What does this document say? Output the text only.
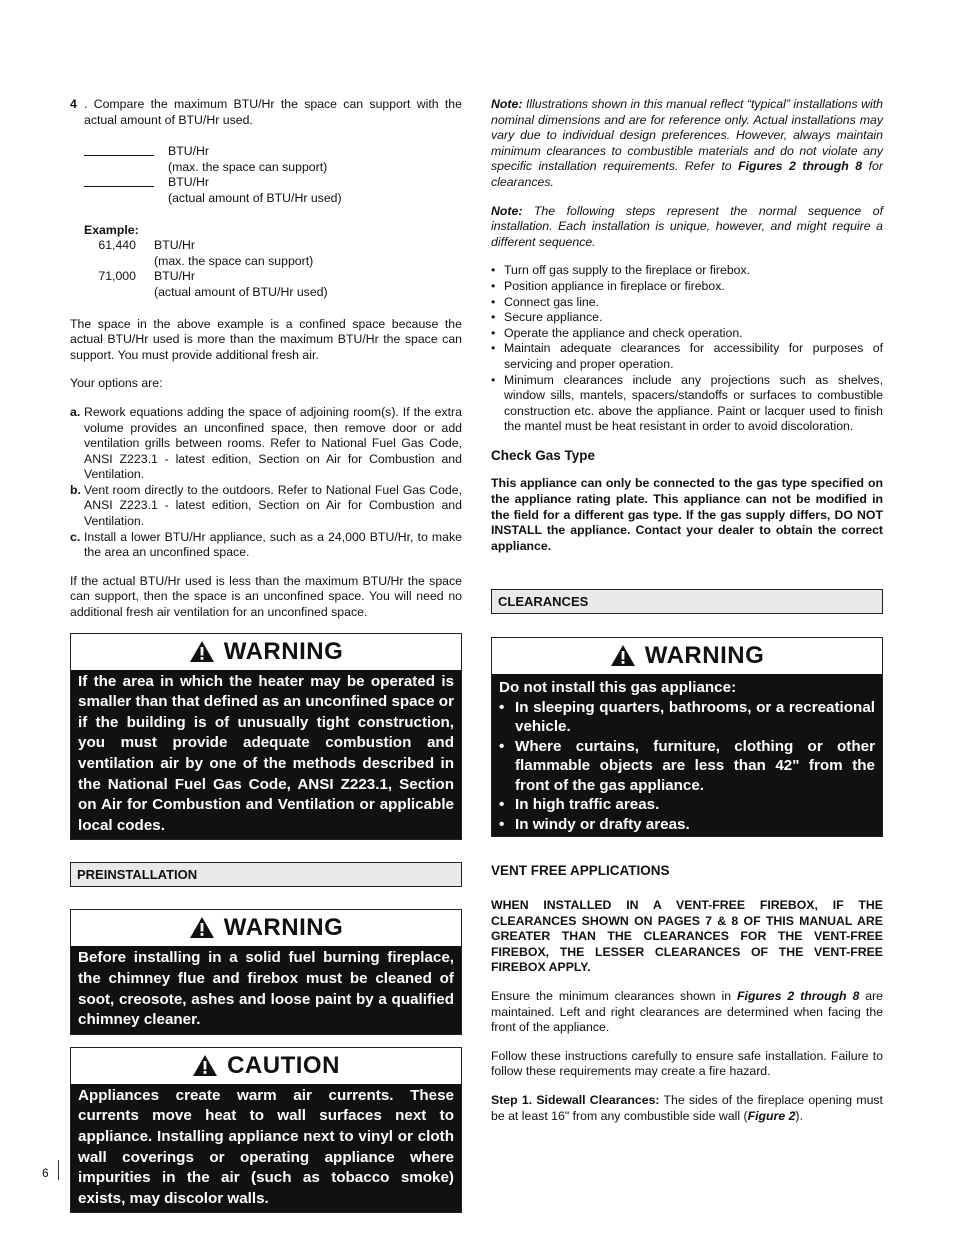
4 . Compare the maximum BTU/Hr the space can support with the actual amount of BTU/Hr used.
BTU/Hr
(max. the space can support)
BTU/Hr
(actual amount of BTU/Hr used)
Example:
61,440 BTU/Hr
(max. the space can support)
71,000 BTU/Hr
(actual amount of BTU/Hr used)

The space in the above example is a confined space because the actual BTU/Hr used is more than the maximum BTU/Hr the space can support. You must provide additional fresh air.

Your options are:

a. Rework equations adding the space of adjoining room(s). If the extra volume provides an unconfined space, then remove door or add ventilation grills between rooms. Refer to National Fuel Gas Code, ANSI Z223.1 - latest edition, Section on Air for Combustion and Ventilation.
b. Vent room directly to the outdoors. Refer to National Fuel Gas Code, ANSI Z223.1 - latest edition, Section on Air for Combustion and Ventilation.
c. Install a lower BTU/Hr appliance, such as a 24,000 BTU/Hr, to make the area an unconfined space.

If the actual BTU/Hr used is less than the maximum BTU/Hr the space can support, then the space is an unconfined space. You will need no additional fresh air ventilation for an unconfined space.

WARNING
If the area in which the heater may be operated is smaller than that defined as an unconfined space or if the building is of unusually tight construction, you must provide adequate combustion and ventilation air by one of the methods described in the National Fuel Gas Code, ANSI Z223.1, Section on Air for Combustion and Ventilation or applicable local codes.
PREINSTALLATION
WARNING
Before installing in a solid fuel burning fireplace, the chimney flue and firebox must be cleaned of soot, creosote, ashes and loose paint by a qualified chimney cleaner.
CAUTION
Appliances create warm air currents. These currents move heat to wall surfaces next to appliance. Installing appliance next to vinyl or cloth wall coverings or operating appliance where impurities in the air (such as tobacco smoke) exists, may discolor walls.

Note: Illustrations shown in this manual reflect “typical” installations with nominal dimensions and are for reference only. Actual installations may vary due to individual design preferences. However, always maintain minimum clearances to combustible materials and do not violate any specific installation requirements. Refer to Figures 2 through 8 for clearances.

Note: The following steps represent the normal sequence of installation. Each installation is unique, however, and might require a different sequence.

• Turn off gas supply to the fireplace or firebox.
• Position appliance in fireplace or firebox.
• Connect gas line.
• Secure appliance.
• Operate the appliance and check operation.
• Maintain adequate clearances for accessibility for purposes of servicing and proper operation.
• Minimum clearances include any projections such as shelves, window sills, mantels, spacers/standoffs or surfaces to combustible construction etc. above the appliance. Paint or lacquer used to finish the mantel must be heat resistant in order to avoid discoloration.
Check Gas Type

This appliance can only be connected to the gas type specified on the appliance rating plate. This appliance can not be modified in the field for a different gas type. If the gas supply differs, DO NOT INSTALL the appliance. Contact your dealer to obtain the correct appliance.

CLEARANCES
WARNING
Do not install this gas appliance:
• In sleeping quarters, bathrooms, or a recreational vehicle.
• Where curtains, furniture, clothing or other flammable objects are less than 42" from the front of the gas appliance.
• In high traffic areas.
• In windy or drafty areas.
VENT FREE APPLICATIONS

WHEN INSTALLED IN A VENT-FREE FIREBOX, IF THE CLEARANCES SHOWN ON PAGES 7 & 8 OF THIS MANUAL ARE GREATER THAN THE CLEARANCES FOR THE VENT-FREE FIREBOX, THE LESSER CLEARANCES OF THE VENT-FREE FIREBOX APPLY.

Ensure the minimum clearances shown in Figures 2 through 8 are maintained. Left and right clearances are determined when facing the front of the appliance.

Follow these instructions carefully to ensure safe installation. Failure to follow these requirements may create a fire hazard.

Step 1. Sidewall Clearances: The sides of the fireplace opening must be at least 16" from any combustible side wall (Figure 2).

6
